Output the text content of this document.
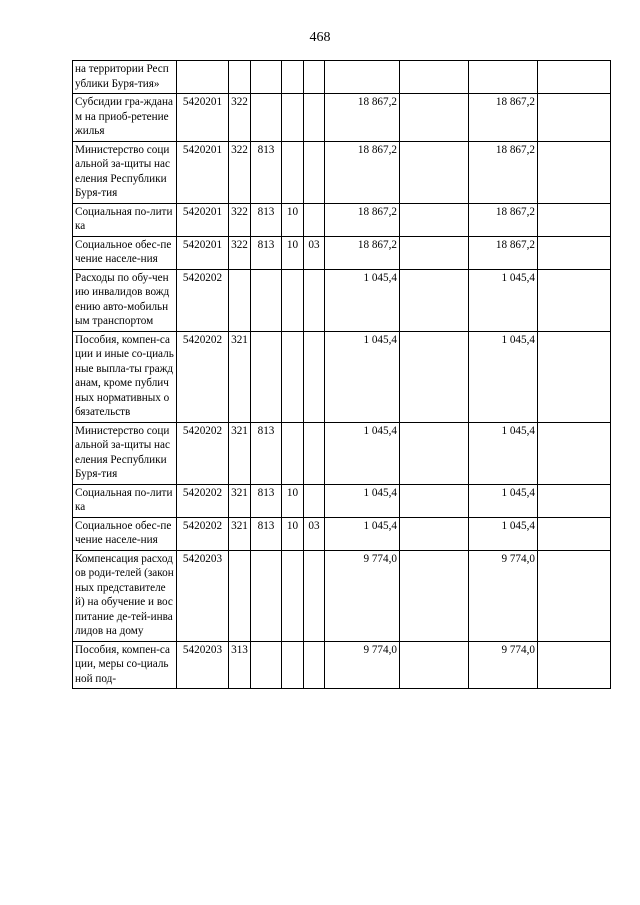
468
на территории Республики Буря-тия»									
Субсидии гра-жданам на приоб-ретение жилья	5420201	322				18 867,2		18 867,2	
Министерство социальной за-щиты населения Республики Буря-тия	5420201	322	813			18 867,2		18 867,2	
Социальная по-литика	5420201	322	813	10		18 867,2		18 867,2	
Социальное обес-печение населе-ния	5420201	322	813	10	03	18 867,2		18 867,2	
Расходы по обу-чению инвалидов вождению авто-мобильным транспортом	5420202					1 045,4		1 045,4	
Пособия, компен-сации и иные со-циальные выпла-ты гражданам, кроме публичных нормативных обязательств	5420202	321				1 045,4		1 045,4	
Министерство социальной за-щиты населения Республики Буря-тия	5420202	321	813			1 045,4		1 045,4	
Социальная по-литика	5420202	321	813	10		1 045,4		1 045,4	
Социальное обес-печение населе-ния	5420202	321	813	10	03	1 045,4		1 045,4	
Компенсация расходов роди-телей (законных представителей) на обучение и воспитание де-тей-инвалидов на дому	5420203					9 774,0		9 774,0	
Пособия, компен-сации, меры со-циальной под-	5420203	313				9 774,0		9 774,0	
